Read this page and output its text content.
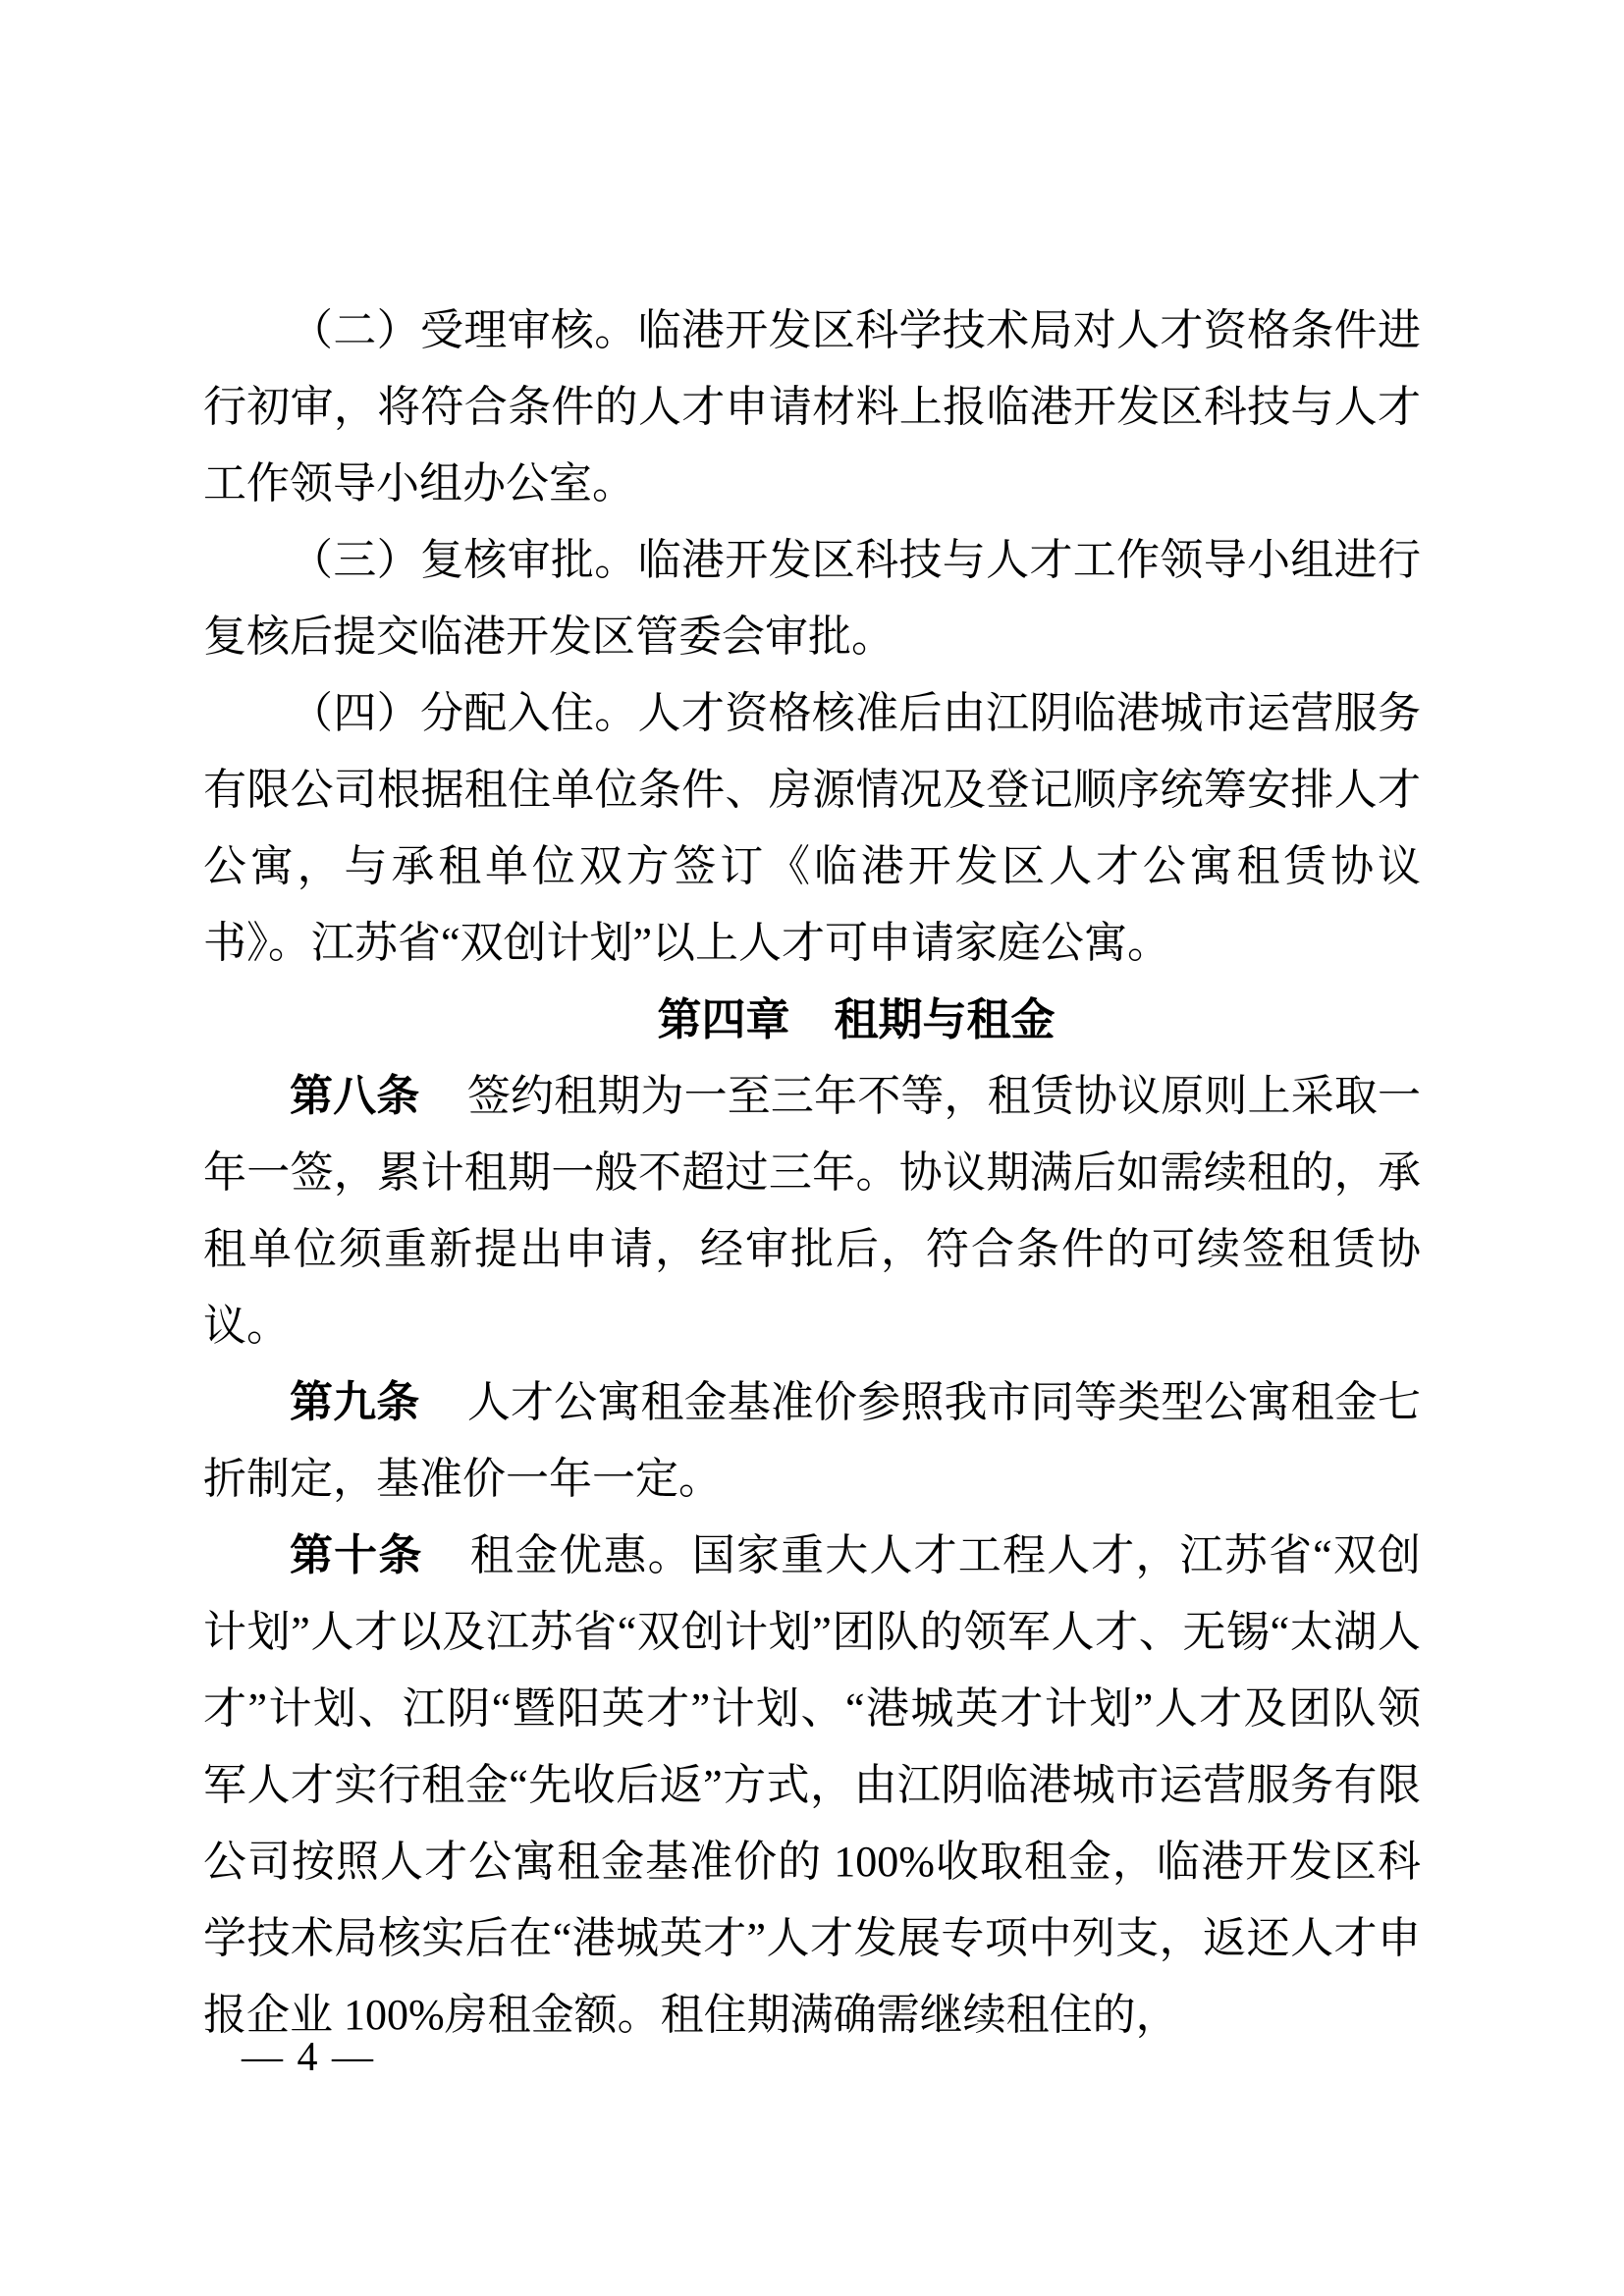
（二）受理审核。临港开发区科学技术局对人才资格条件进行初审，将符合条件的人才申请材料上报临港开发区科技与人才工作领导小组办公室。

（三）复核审批。临港开发区科技与人才工作领导小组进行复核后提交临港开发区管委会审批。

（四）分配入住。人才资格核准后由江阴临港城市运营服务有限公司根据租住单位条件、房源情况及登记顺序统筹安排人才公寓，与承租单位双方签订《临港开发区人才公寓租赁协议书》。江苏省“双创计划”以上人才可申请家庭公寓。

第四章 租期与租金

第八条 签约租期为一至三年不等，租赁协议原则上采取一年一签，累计租期一般不超过三年。协议期满后如需续租的，承租单位须重新提出申请，经审批后，符合条件的可续签租赁协议。

第九条 人才公寓租金基准价参照我市同等类型公寓租金七折制定，基准价一年一定。

第十条 租金优惠。国家重大人才工程人才，江苏省“双创计划”人才以及江苏省“双创计划”团队的领军人才、无锡“太湖人才”计划、江阴“暨阳英才”计划、“港城英才计划”人才及团队领军人才实行租金“先收后返”方式，由江阴临港城市运营服务有限公司按照人才公寓租金基准价的 100%收取租金，临港开发区科学技术局核实后在“港城英才”人才发展专项中列支，返还人才申报企业 100%房租金额。租住期满确需继续租住的，

— 4 —
